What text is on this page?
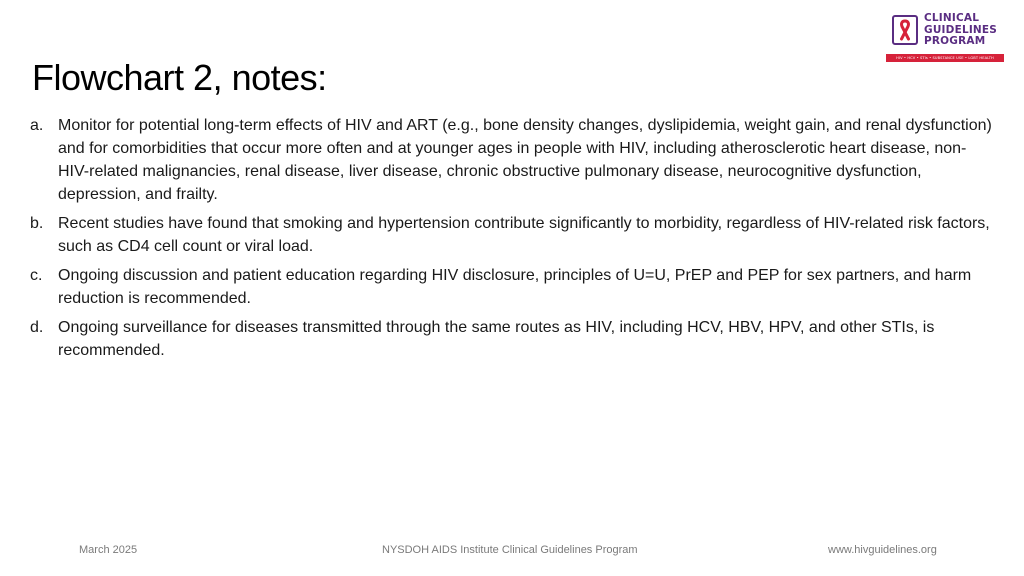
Flowchart 2, notes:
a. Monitor for potential long-term effects of HIV and ART (e.g., bone density changes, dyslipidemia, weight gain, and renal dysfunction) and for comorbidities that occur more often and at younger ages in people with HIV, including atherosclerotic heart disease, non-HIV-related malignancies, renal disease, liver disease, chronic obstructive pulmonary disease, neurocognitive dysfunction, depression, and frailty.
b. Recent studies have found that smoking and hypertension contribute significantly to morbidity, regardless of HIV-related risk factors, such as CD4 cell count or viral load.
c. Ongoing discussion and patient education regarding HIV disclosure, principles of U=U, PrEP and PEP for sex partners, and harm reduction is recommended.
d. Ongoing surveillance for diseases transmitted through the same routes as HIV, including HCV, HBV, HPV, and other STIs, is recommended.
CLINICAL
GUIDELINES
PROGRAM
HIV • HCV • STIs • SUBSTANCE USE • LGBT HEALTH
March 2025	NYSDOH AIDS Institute Clinical Guidelines Program	www.hivguidelines.org
